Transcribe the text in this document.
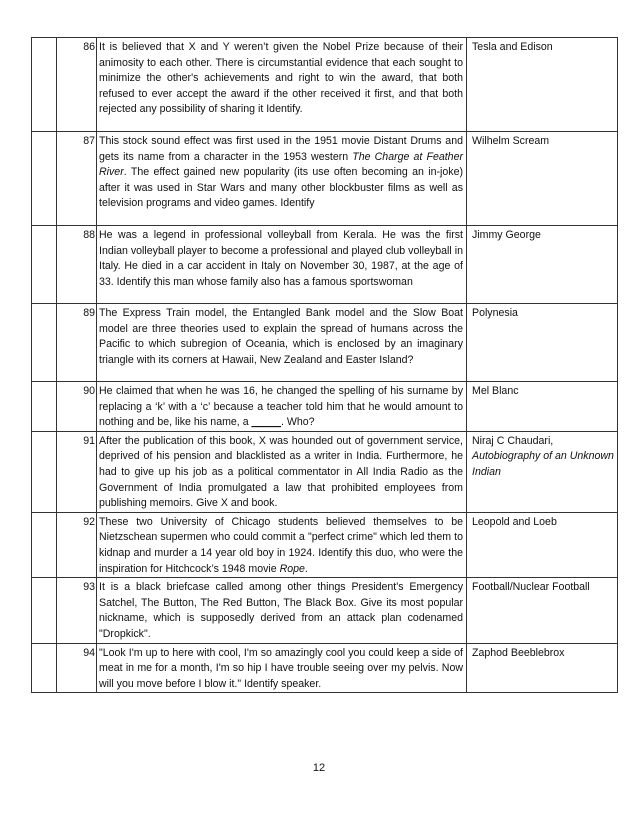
	86	It is believed that X and Y weren’t given the Nobel Prize because of their animosity to each other. There is circumstantial evidence that each sought to minimize the other's achievements and right to win the award, that both refused to ever accept the award if the other received it first, and that both rejected any possibility of sharing it Identify.	Tesla and Edison
	87	This stock sound effect was first used in the 1951 movie Distant Drums and gets its name from a character in the 1953 western The Charge at Feather River. The effect gained new popularity (its use often becoming an in-joke) after it was used in Star Wars and many other blockbuster films as well as television programs and video games. Identify	Wilhelm Scream
	88	He was a legend in professional volleyball from Kerala. He was the first Indian volleyball player to become a professional and played club volleyball in Italy. He died in a car accident in Italy on November 30, 1987, at the age of 33. Identify this man whose family also has a famous sportswoman	Jimmy George
	89	The Express Train model, the Entangled Bank model and the Slow Boat model are three theories used to explain the spread of humans across the Pacific to which subregion of Oceania, which is enclosed by an imaginary triangle with its corners at Hawaii, New Zealand and Easter Island?	Polynesia
	90	He claimed that when he was 16, he changed the spelling of his surname by replacing a ‘k’ with a ‘c’ because a teacher told him that he would amount to nothing and be, like his name, a _____. Who?	Mel Blanc
	91	After the publication of this book, X was hounded out of government service, deprived of his pension and blacklisted as a writer in India. Furthermore, he had to give up his job as a political commentator in All India Radio as the Government of India promulgated a law that prohibited employees from publishing memoirs. Give X and book.	Niraj C Chaudari,
Autobiography of an Unknown Indian
	92	These two University of Chicago students believed themselves to be Nietzschean supermen who could commit a "perfect crime" which led them to kidnap and murder a 14 year old boy in 1924. Identify this duo, who were the inspiration for Hitchcock’s 1948 movie Rope.	Leopold and Loeb
	93	It is a black briefcase called among other things President's Emergency Satchel, The Button, The Red Button, The Black Box. Give its most popular nickname, which is supposedly derived from an attack plan codenamed "Dropkick".	Football/Nuclear Football
	94	"Look I'm up to here with cool, I'm so amazingly cool you could keep a side of meat in me for a month, I'm so hip I have trouble seeing over my pelvis. Now will you move before I blow it." Identify speaker.	Zaphod Beeblebrox
12
